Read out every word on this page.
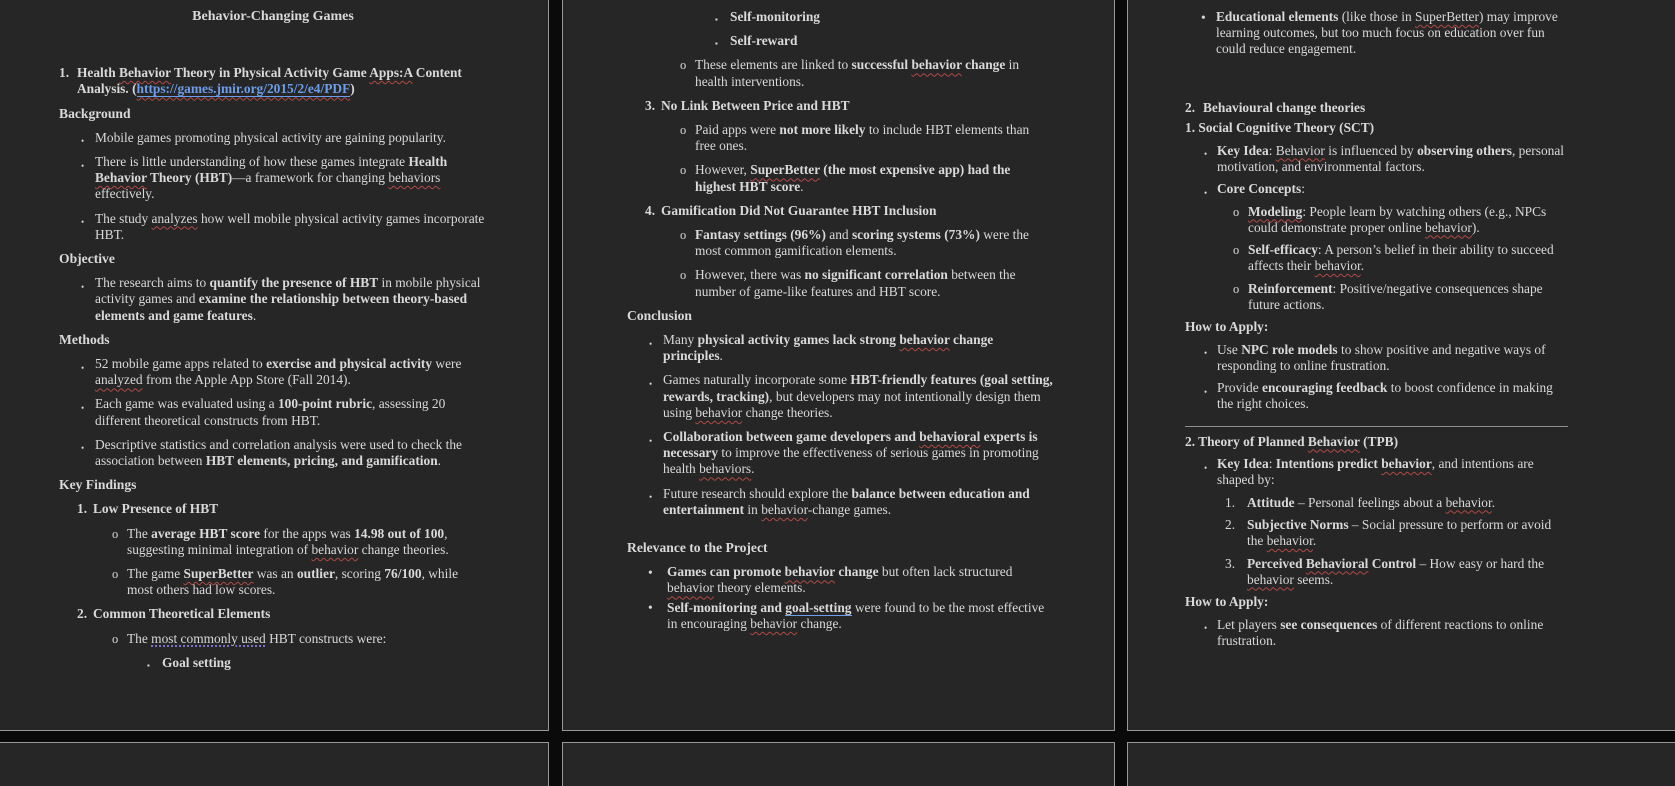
Behavior-Changing Games
1. Health Behavior Theory in Physical Activity Game Apps:A Content Analysis. (https://games.jmir.org/2015/2/e4/PDF)
Background
• Mobile games promoting physical activity are gaining popularity.
• There is little understanding of how these games integrate Health Behavior Theory (HBT)—a framework for changing behaviors effectively.
• The study analyzes how well mobile physical activity games incorporate HBT.
Objective
• The research aims to quantify the presence of HBT in mobile physical activity games and examine the relationship between theory-based elements and game features.
Methods
• 52 mobile game apps related to exercise and physical activity were analyzed from the Apple App Store (Fall 2014).
• Each game was evaluated using a 100-point rubric, assessing 20 different theoretical constructs from HBT.
• Descriptive statistics and correlation analysis were used to check the association between HBT elements, pricing, and gamification.
Key Findings
1. Low Presence of HBT
o The average HBT score for the apps was 14.98 out of 100, suggesting minimal integration of behavior change theories.
o The game SuperBetter was an outlier, scoring 76/100, while most others had low scores.
2. Common Theoretical Elements
o The most commonly used HBT constructs were:
▪ Goal setting
▪ Self-monitoring
▪ Self-reward
o These elements are linked to successful behavior change in health interventions.
3. No Link Between Price and HBT
o Paid apps were not more likely to include HBT elements than free ones.
o However, SuperBetter (the most expensive app) had the highest HBT score.
4. Gamification Did Not Guarantee HBT Inclusion
o Fantasy settings (96%) and scoring systems (73%) were the most common gamification elements.
o However, there was no significant correlation between the number of game-like features and HBT score.
Conclusion
• Many physical activity games lack strong behavior change principles.
• Games naturally incorporate some HBT-friendly features (goal setting, rewards, tracking), but developers may not intentionally design them using behavior change theories.
• Collaboration between game developers and behavioral experts is necessary to improve the effectiveness of serious games in promoting health behaviors.
• Future research should explore the balance between education and entertainment in behavior-change games.
Relevance to the Project
• Games can promote behavior change but often lack structured behavior theory elements.
• Self-monitoring and goal-setting were found to be the most effective in encouraging behavior change.
• Educational elements (like those in SuperBetter) may improve learning outcomes, but too much focus on education over fun could reduce engagement.
2. Behavioural change theories
1. Social Cognitive Theory (SCT)
• Key Idea: Behavior is influenced by observing others, personal motivation, and environmental factors.
• Core Concepts:
o Modeling: People learn by watching others (e.g., NPCs could demonstrate proper online behavior).
o Self-efficacy: A person’s belief in their ability to succeed affects their behavior.
o Reinforcement: Positive/negative consequences shape future actions.
How to Apply:
• Use NPC role models to show positive and negative ways of responding to online frustration.
• Provide encouraging feedback to boost confidence in making the right choices.
2. Theory of Planned Behavior (TPB)
• Key Idea: Intentions predict behavior, and intentions are shaped by:
1. Attitude – Personal feelings about a behavior.
2. Subjective Norms – Social pressure to perform or avoid the behavior.
3. Perceived Behavioral Control – How easy or hard the behavior seems.
How to Apply:
• Let players see consequences of different reactions to online frustration.
